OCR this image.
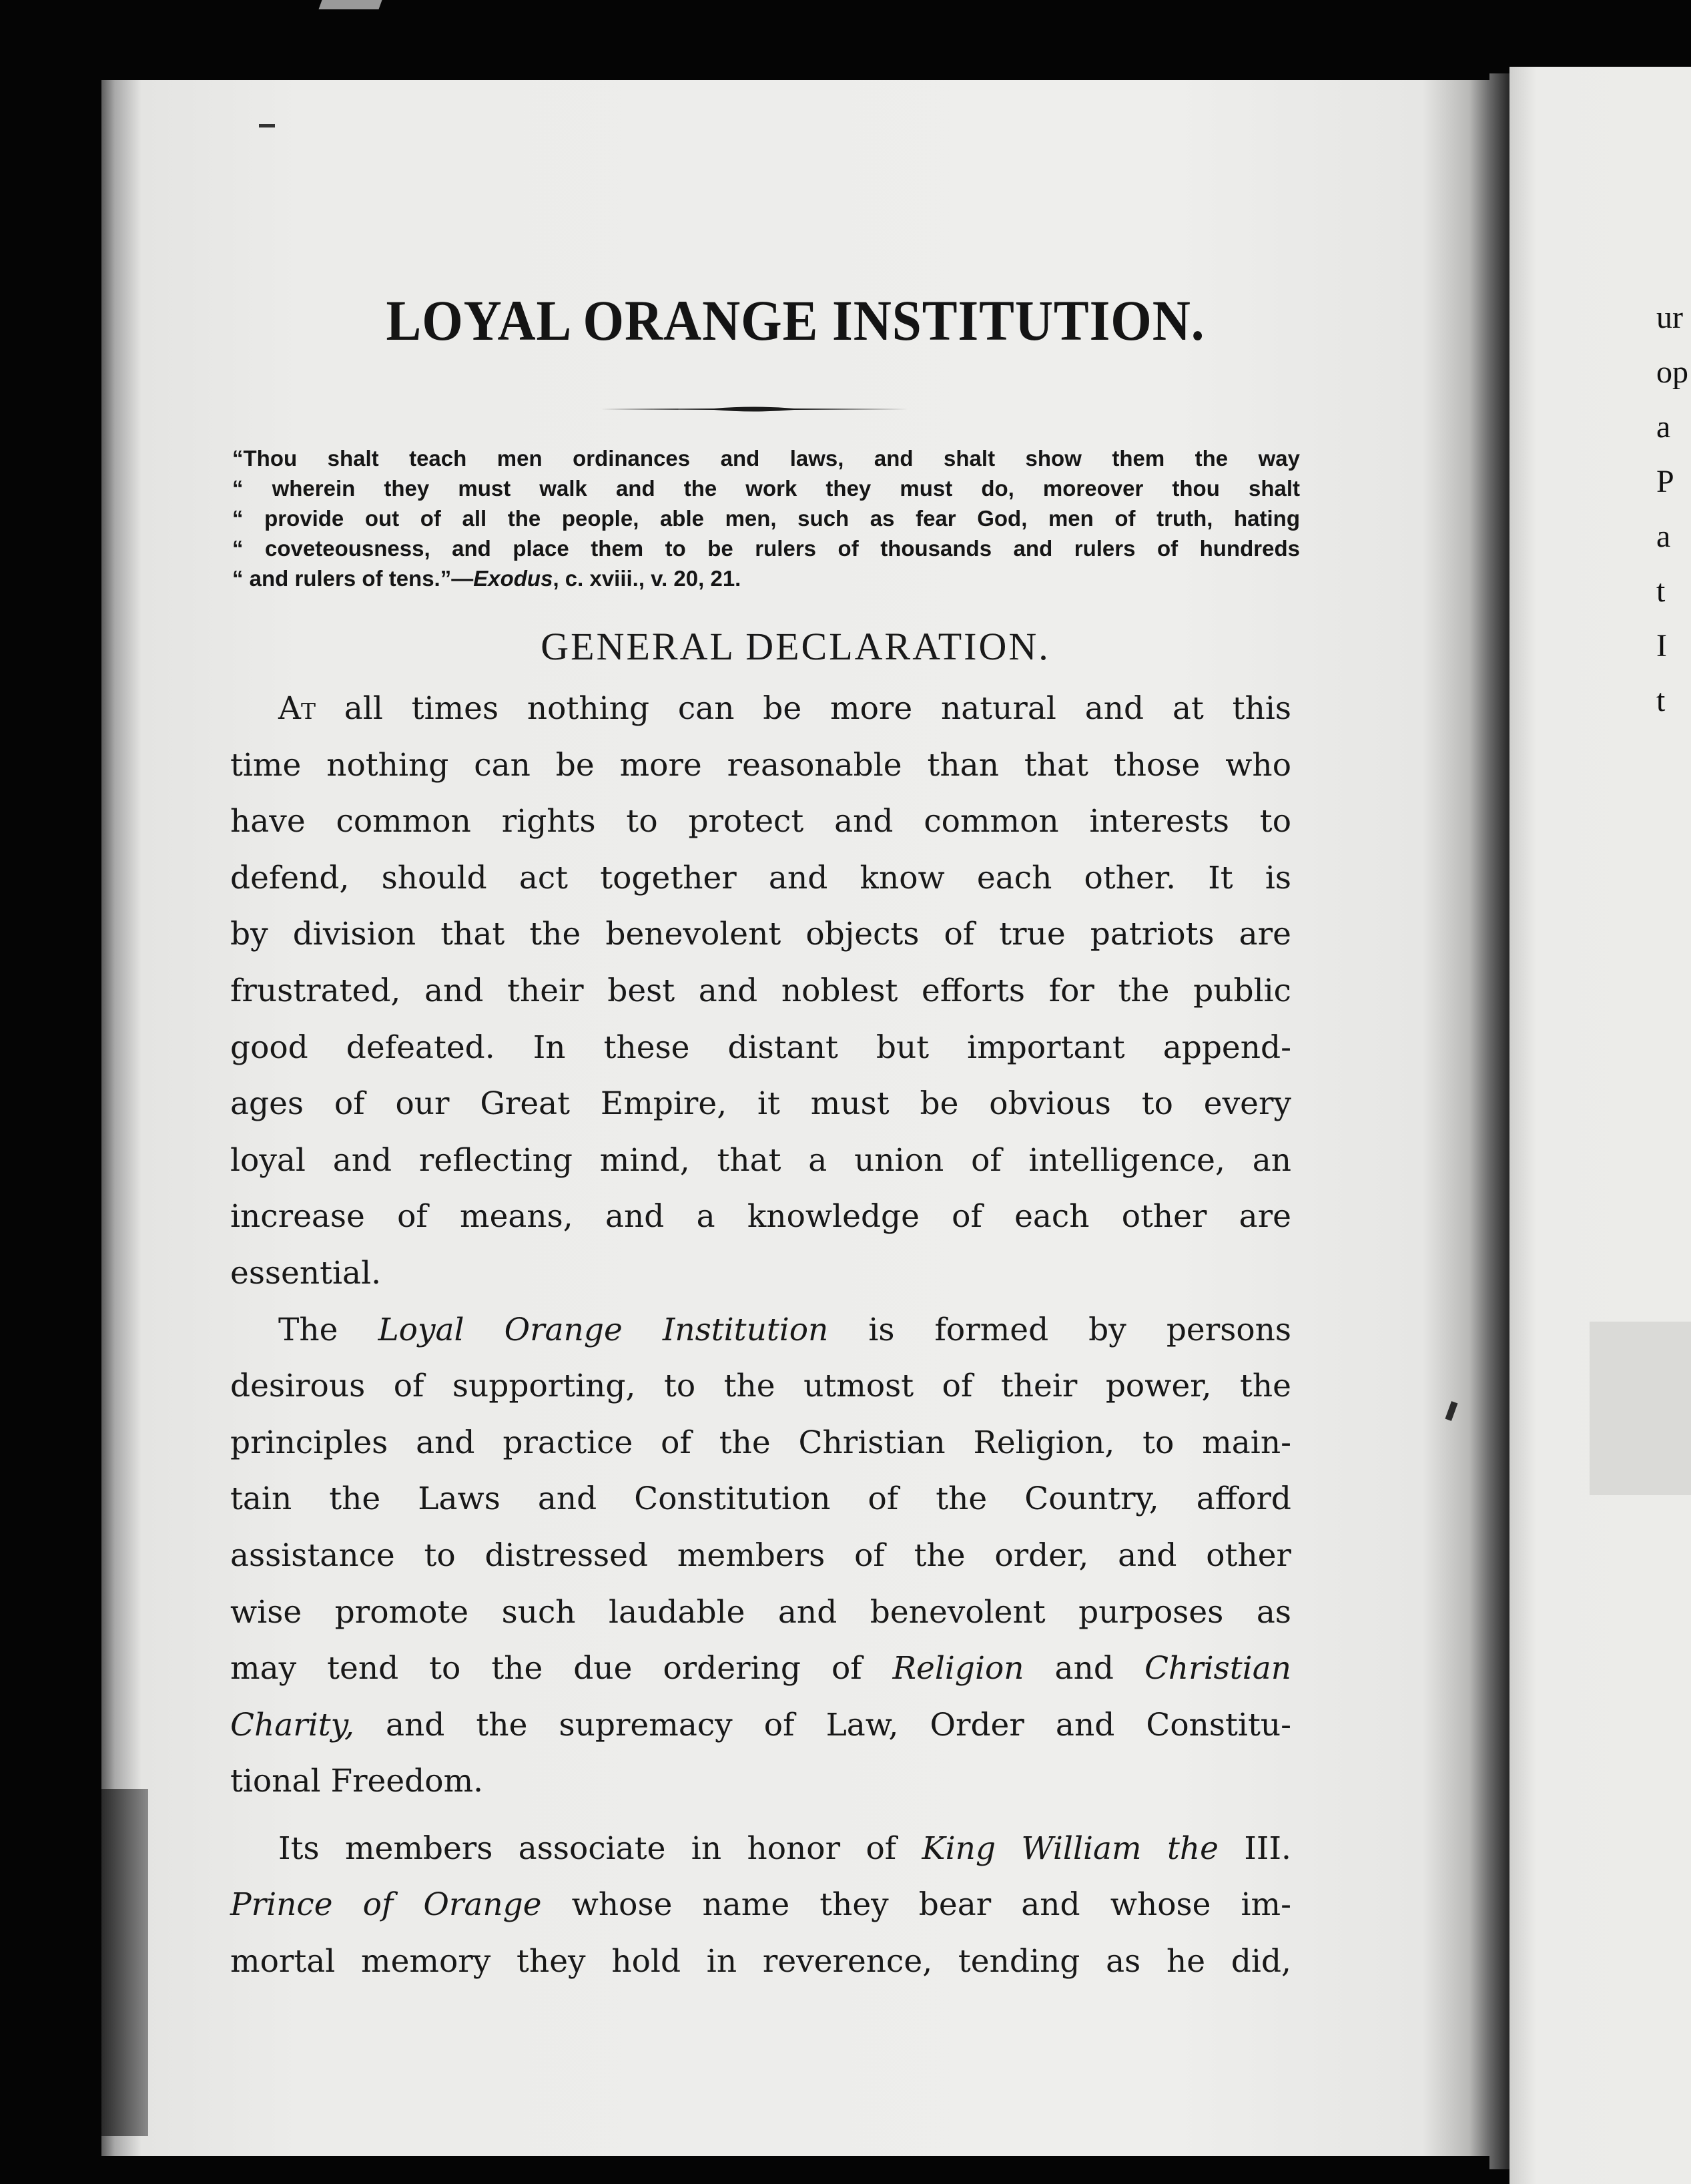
LOYAL ORANGE INSTITUTION.
“Thou shalt teach men ordinances and laws, and shalt show them the way
“ wherein they must walk and the work they must do, moreover thou shalt
“ provide out of all the people, able men, such as fear God, men of truth, hating
“ coveteousness, and place them to be rulers of thousands and rulers of hundreds
“ and rulers of tens.”—Exodus, c. xviii., v. 20, 21.
GENERAL DECLARATION.
At all times nothing can be more natural and at this
time nothing can be more reasonable than that those who
have common rights to protect and common interests to
defend, should act together and know each other. It is
by division that the benevolent objects of true patriots are
frustrated, and their best and noblest efforts for the public
good defeated. In these distant but important append-
ages of our Great Empire, it must be obvious to every
loyal and reflecting mind, that a union of intelligence, an
increase of means, and a knowledge of each other are
essential.
The Loyal Orange Institution is formed by persons
desirous of supporting, to the utmost of their power, the
principles and practice of the Christian Religion, to main-
tain the Laws and Constitution of the Country, afford
assistance to distressed members of the order, and other
wise promote such laudable and benevolent purposes as
may tend to the due ordering of Religion and Christian
Charity, and the supremacy of Law, Order and Constitu-
tional Freedom.
Its members associate in honor of King William the III.
Prince of Orange whose name they bear and whose im-
mortal memory they hold in reverence, tending as he did,
ur
op
a
P
a
t
I
t
